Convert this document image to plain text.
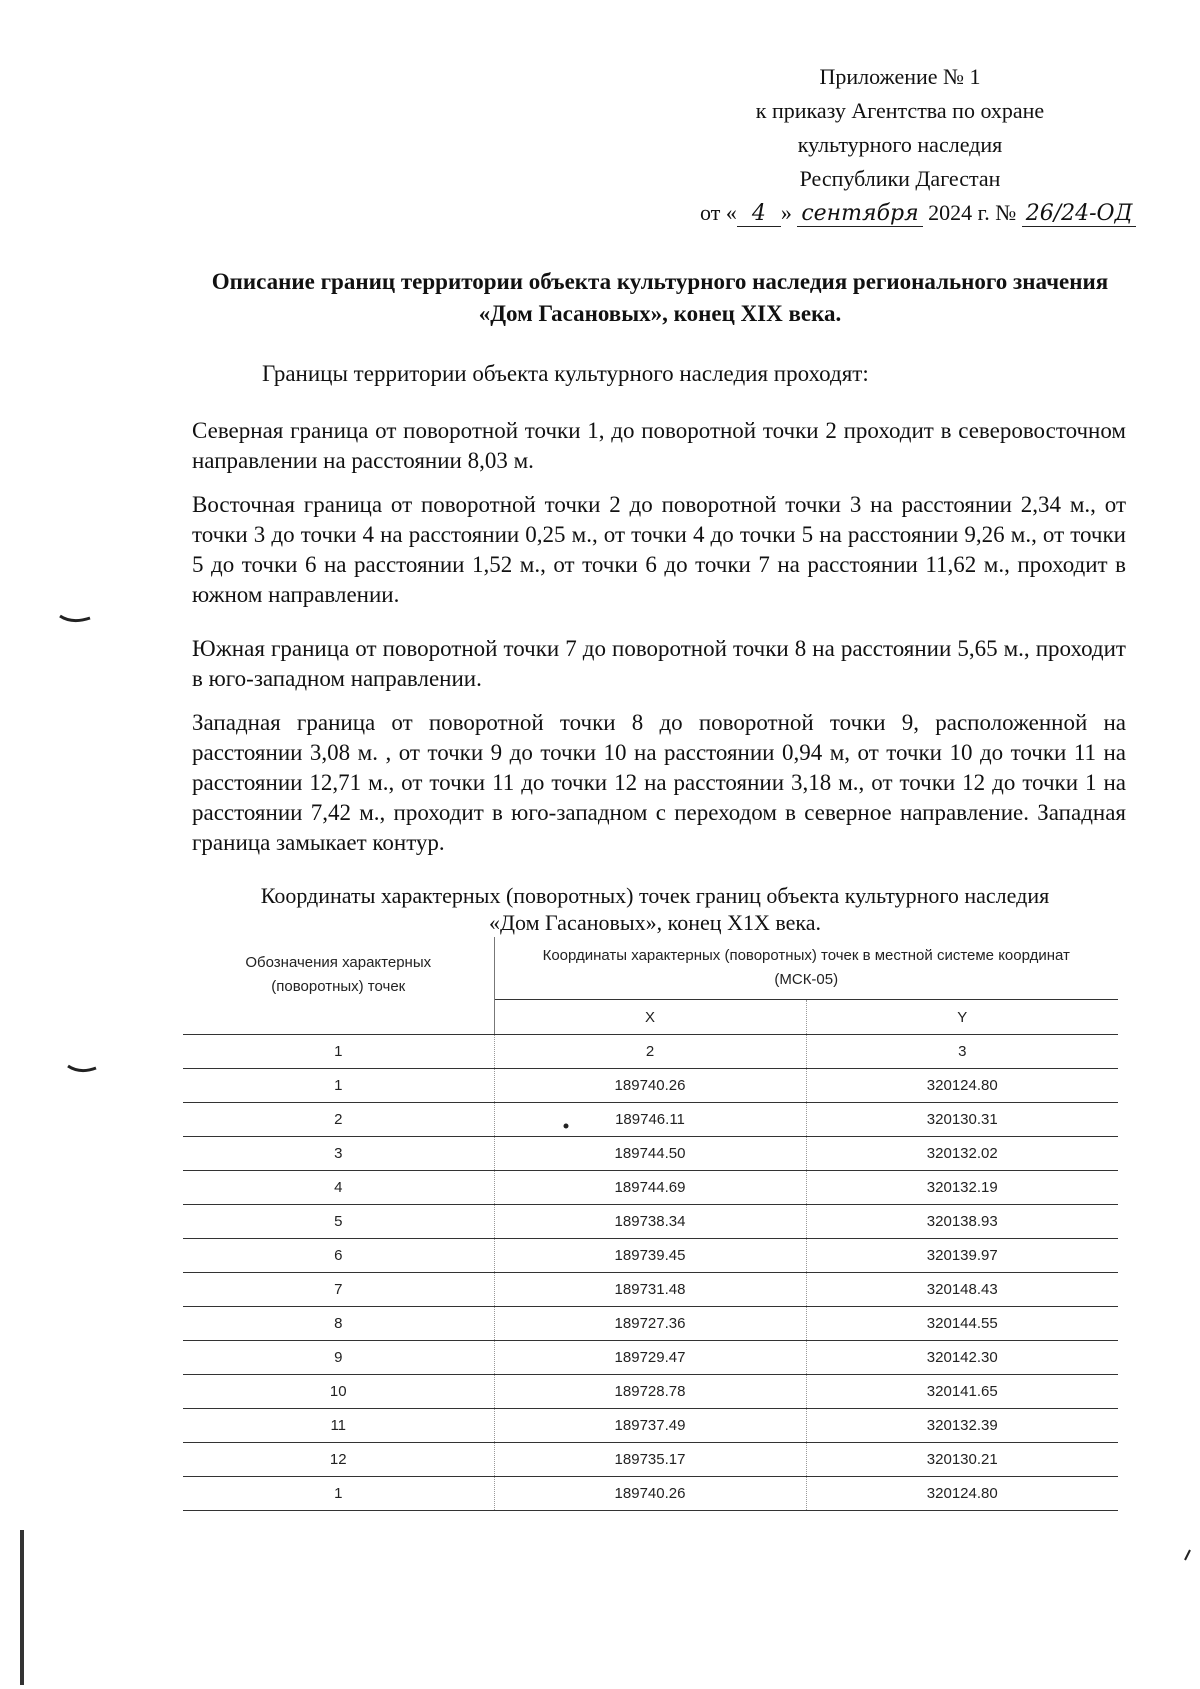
Приложение № 1
к приказу Агентства по охране
культурного наследия
Республики Дагестан
от « 4 » сентября 2024 г. № 26/24-ОД
Описание границ территории объекта культурного наследия регионального значения «Дом Гасановых», конец XIX века.
Границы территории объекта культурного наследия проходят:
Северная граница от поворотной точки 1, до поворотной точки 2 проходит в северовосточном направлении на расстоянии 8,03 м.
Восточная граница от поворотной точки 2 до поворотной точки 3 на расстоянии 2,34 м., от точки 3 до точки 4 на расстоянии 0,25 м., от точки 4 до точки 5 на расстоянии 9,26 м., от точки 5 до точки 6 на расстоянии 1,52 м., от точки 6 до точки 7 на расстоянии 11,62 м., проходит в южном направлении.
Южная граница от поворотной точки 7 до поворотной точки 8 на расстоянии 5,65 м., проходит в юго-западном направлении.
Западная граница от поворотной точки 8 до поворотной точки 9, расположенной на расстоянии 3,08 м. , от точки 9 до точки 10 на расстоянии 0,94 м, от точки 10 до точки 11 на расстоянии 12,71 м., от точки 11 до точки 12 на расстоянии 3,18 м., от точки 12 до точки 1 на расстоянии 7,42 м., проходит в юго-западном с переходом в северное направление. Западная граница замыкает контур.
Координаты характерных (поворотных) точек границ объекта культурного наследия
«Дом Гасановых», конец X1X века.
Обозначения характерных (поворотных) точек	Координаты характерных (поворотных) точек в местной системе координат (МСК-05)	
	X	Y
1	2	3
1	189740.26	320124.80
2	189746.11	320130.31
3	189744.50	320132.02
4	189744.69	320132.19
5	189738.34	320138.93
6	189739.45	320139.97
7	189731.48	320148.43
8	189727.36	320144.55
9	189729.47	320142.30
10	189728.78	320141.65
11	189737.49	320132.39
12	189735.17	320130.21
1	189740.26	320124.80
